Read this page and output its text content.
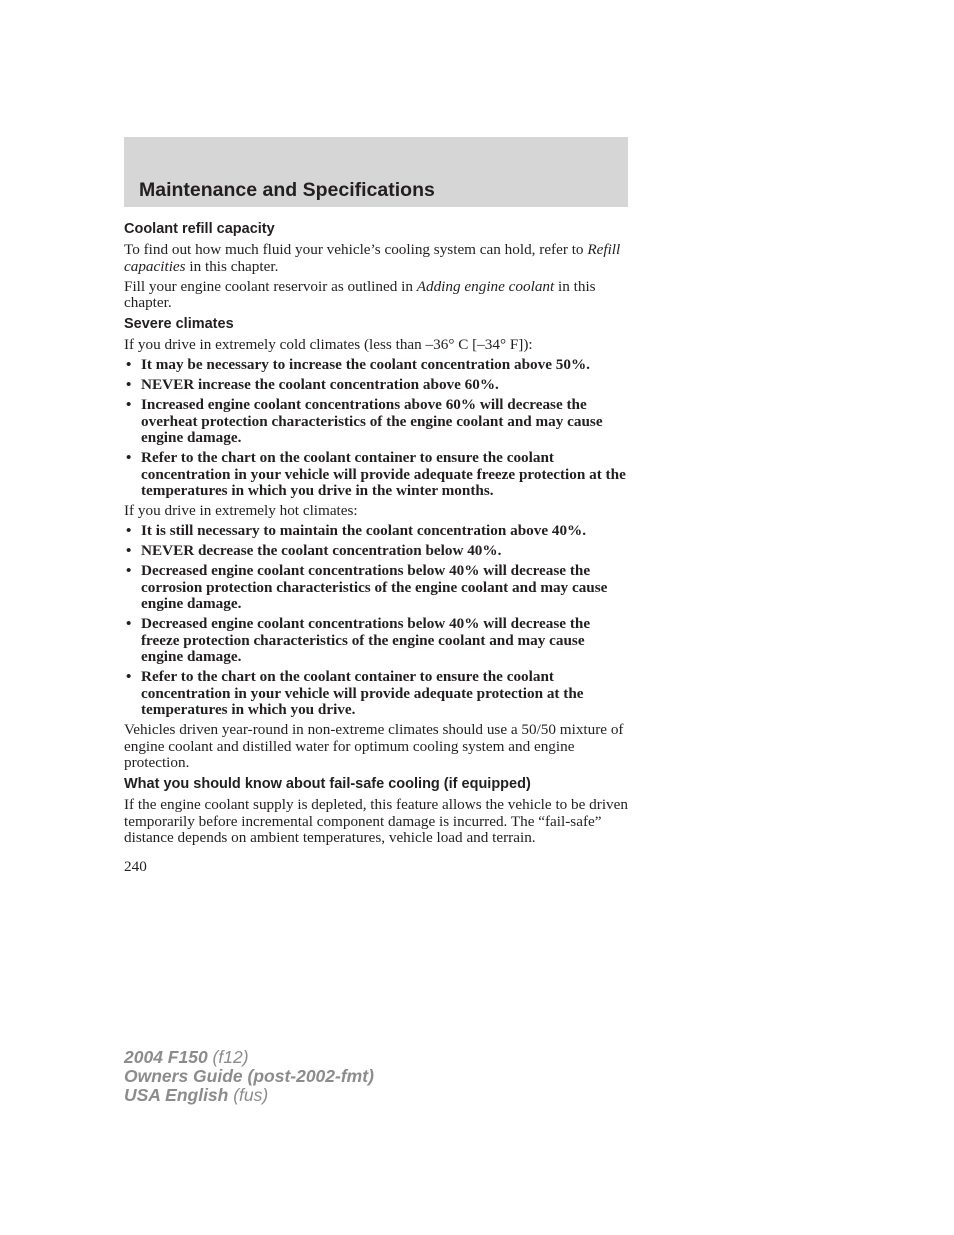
Maintenance and Specifications
Coolant refill capacity

To find out how much fluid your vehicle’s cooling system can hold, refer to Refill capacities in this chapter.

Fill your engine coolant reservoir as outlined in Adding engine coolant in this chapter.

Severe climates

If you drive in extremely cold climates (less than –36° C [–34° F]):

• It may be necessary to increase the coolant concentration above 50%.
• NEVER increase the coolant concentration above 60%.
• Increased engine coolant concentrations above 60% will decrease the overheat protection characteristics of the engine coolant and may cause engine damage.
• Refer to the chart on the coolant container to ensure the coolant concentration in your vehicle will provide adequate freeze protection at the temperatures in which you drive in the winter months.

If you drive in extremely hot climates:

• It is still necessary to maintain the coolant concentration above 40%.
• NEVER decrease the coolant concentration below 40%.
• Decreased engine coolant concentrations below 40% will decrease the corrosion protection characteristics of the engine coolant and may cause engine damage.
• Decreased engine coolant concentrations below 40% will decrease the freeze protection characteristics of the engine coolant and may cause engine damage.
• Refer to the chart on the coolant container to ensure the coolant concentration in your vehicle will provide adequate protection at the temperatures in which you drive.

Vehicles driven year-round in non-extreme climates should use a 50/50 mixture of engine coolant and distilled water for optimum cooling system and engine protection.

What you should know about fail-safe cooling (if equipped)

If the engine coolant supply is depleted, this feature allows the vehicle to be driven temporarily before incremental component damage is incurred. The “fail-safe” distance depends on ambient temperatures, vehicle load and terrain.

240

2004 F150 (f12)
Owners Guide (post-2002-fmt)
USA English (fus)
